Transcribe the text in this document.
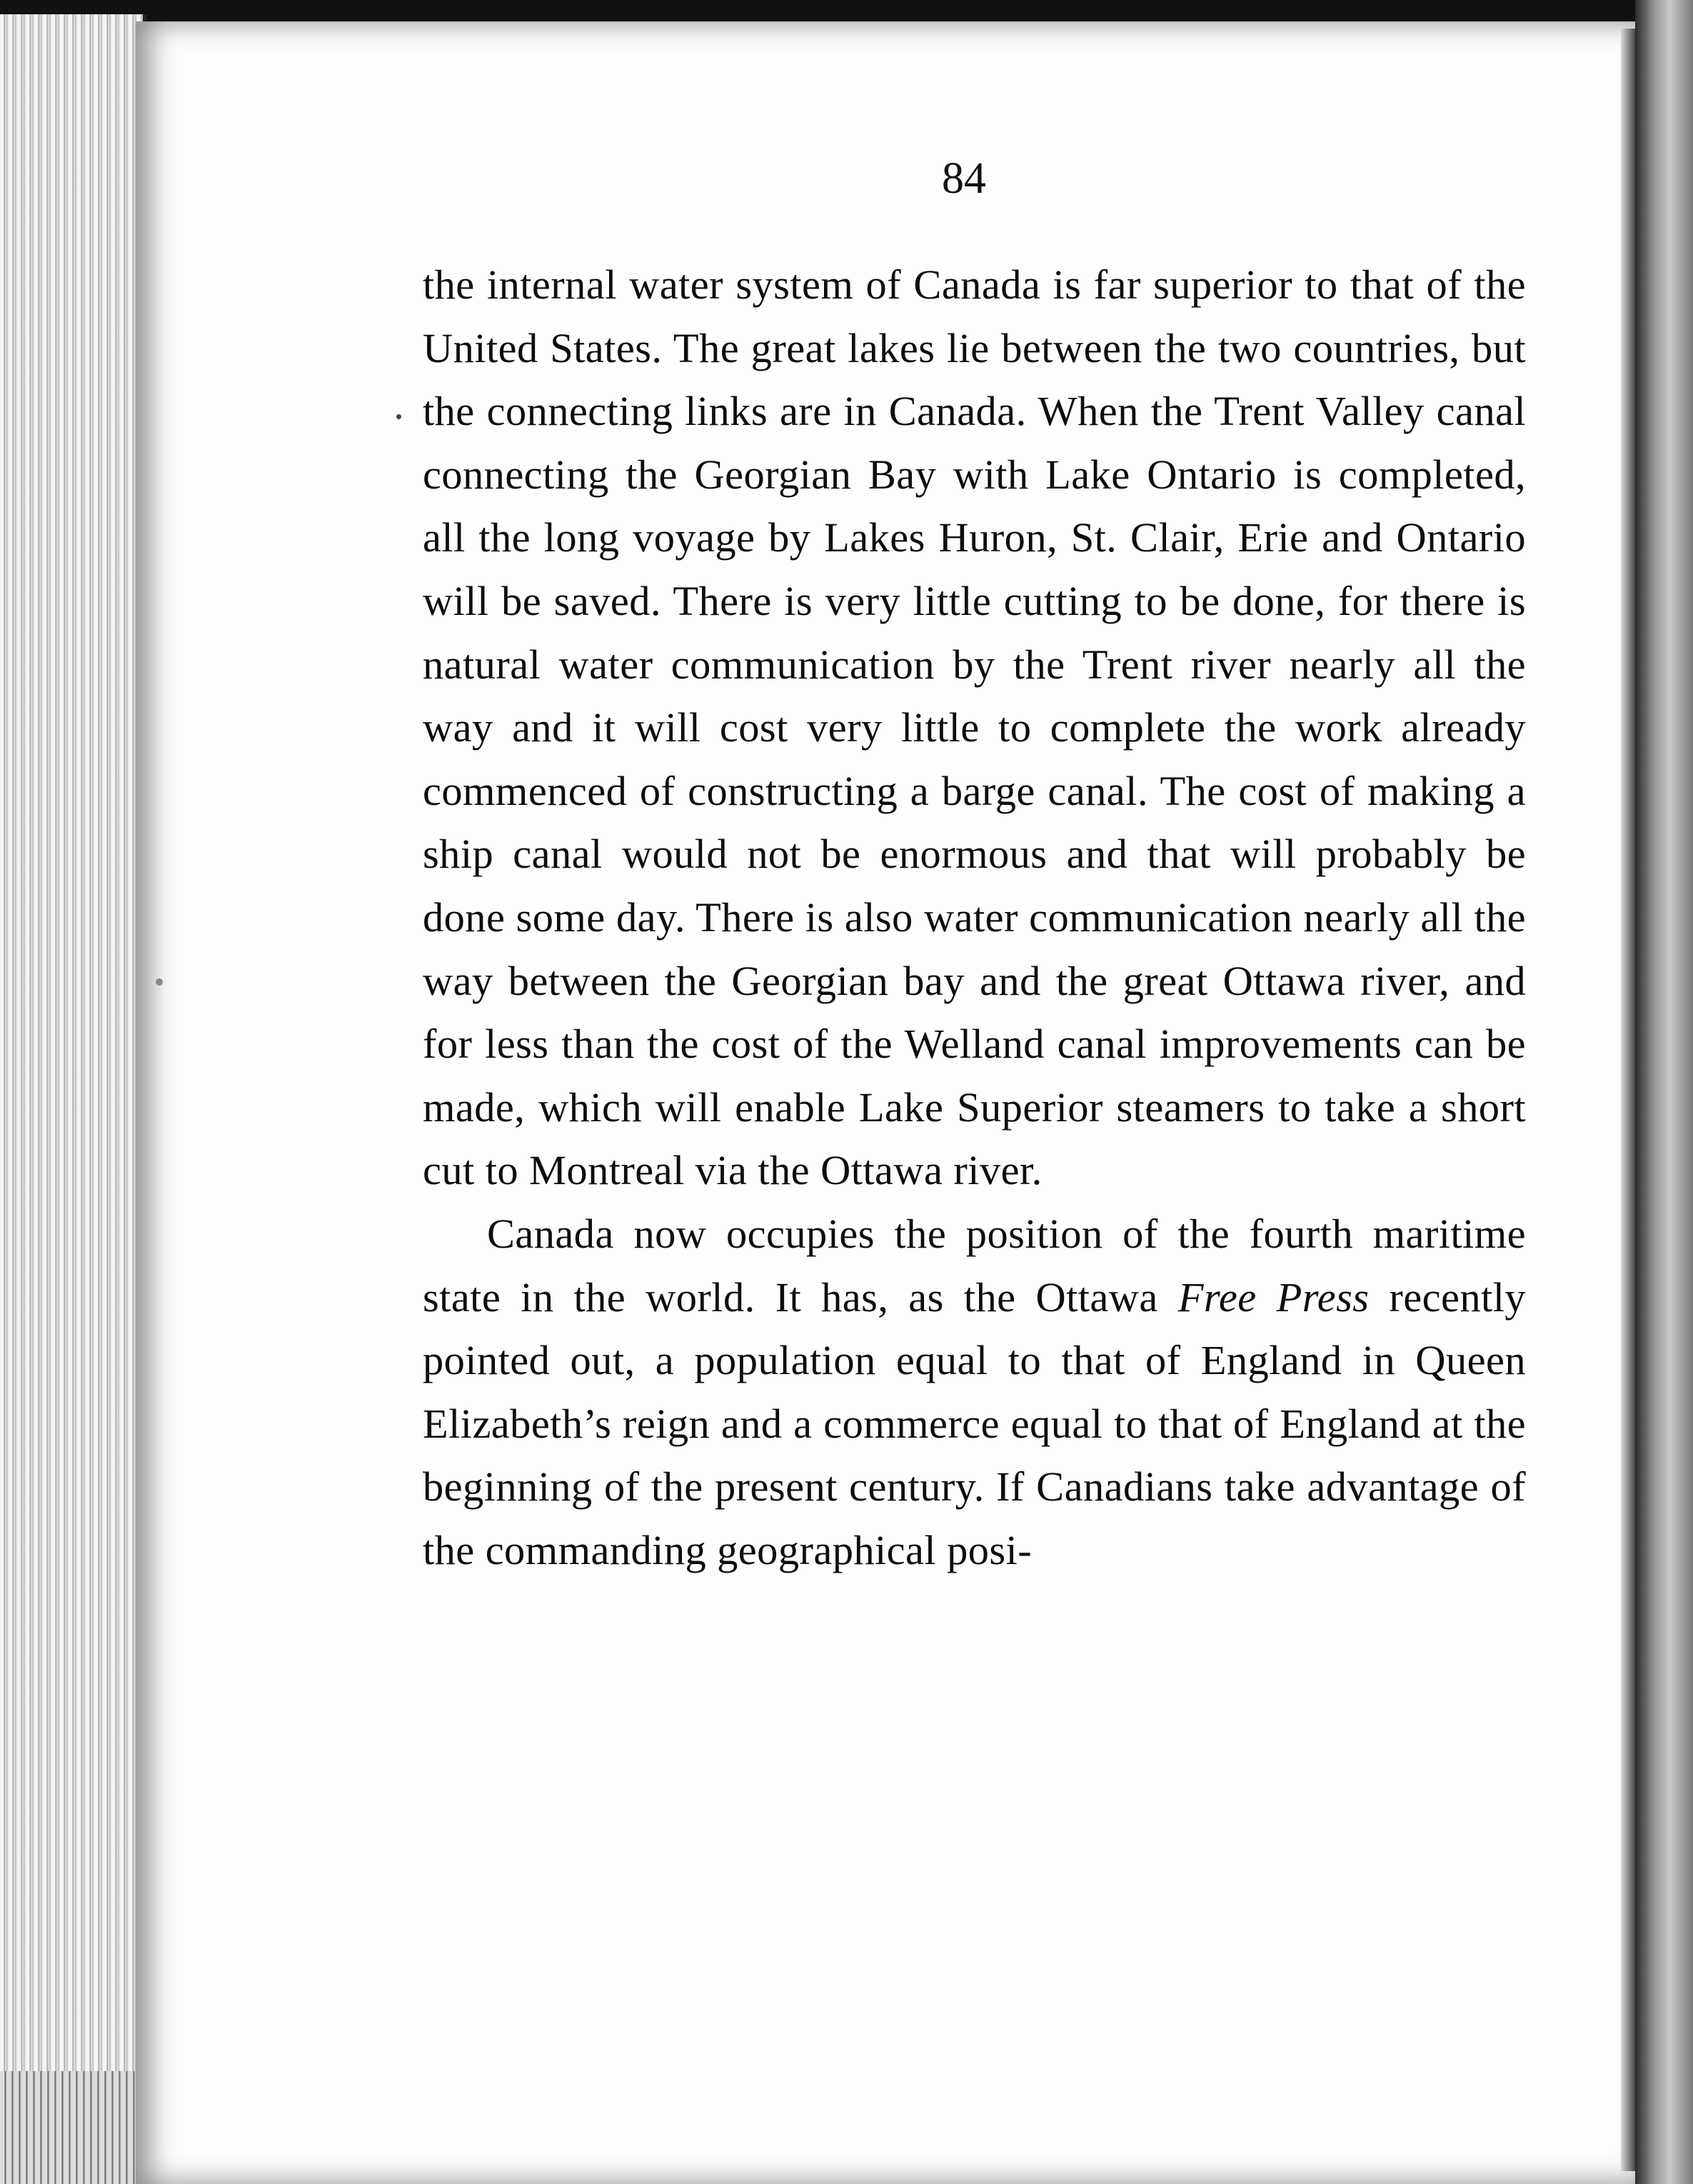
84

the internal water system of Canada is far superior to that of the United States. The great lakes lie between the two countries, but the connecting links are in Canada. When the Trent Valley canal connecting the Georgian Bay with Lake Ontario is completed, all the long voyage by Lakes Huron, St. Clair, Erie and Ontario will be saved. There is very little cutting to be done, for there is natural water communication by the Trent river nearly all the way and it will cost very little to complete the work already commenced of constructing a barge canal. The cost of making a ship canal would not be enormous and that will probably be done some day. There is also water communication nearly all the way between the Georgian bay and the great Ottawa river, and for less than the cost of the Welland canal improvements can be made, which will enable Lake Superior steamers to take a short cut to Montreal via the Ottawa river.

Canada now occupies the position of the fourth maritime state in the world. It has, as the Ottawa Free Press recently pointed out, a population equal to that of England in Queen Elizabeth’s reign and a commerce equal to that of England at the beginning of the present century. If Canadians take advantage of the commanding geographical posi-
